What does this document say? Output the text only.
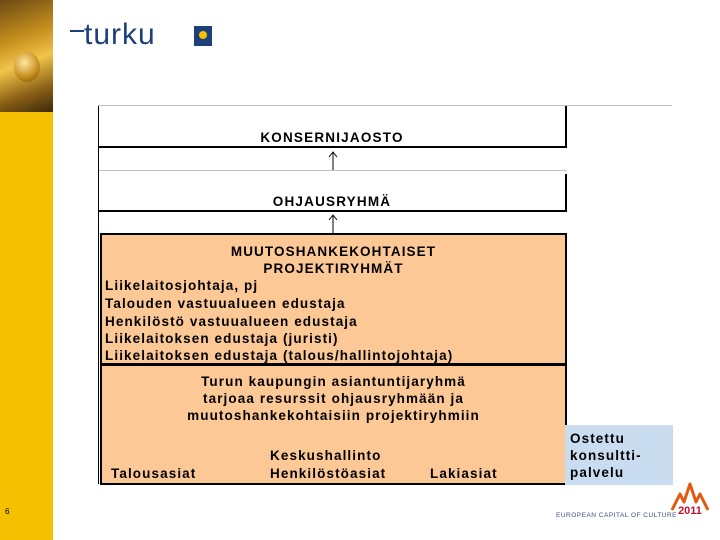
turku
KONSERNIJAOSTO
OHJAUSRYHMÄ
MUUTOSHANKEKOHTAISET
PROJEKTIRYHMÄT
Liikelaitosjohtaja, pj
Talouden vastuualueen edustaja
Henkilöstö vastuualueen edustaja
Liikelaitoksen edustaja (juristi)
Liikelaitoksen edustaja (talous/hallintojohtaja)
Turun kaupungin asiantuntijaryhmä
tarjoaa resurssit ohjausryhmään ja
muutoshankekohtaisiin projektiryhmiin
Keskushallinto
Talousasiat	Henkilöstöasiat	Lakiasiat
Ostettu
konsultti-
palvelu
6	EUROPEAN CAPITAL OF CULTURE 2011
